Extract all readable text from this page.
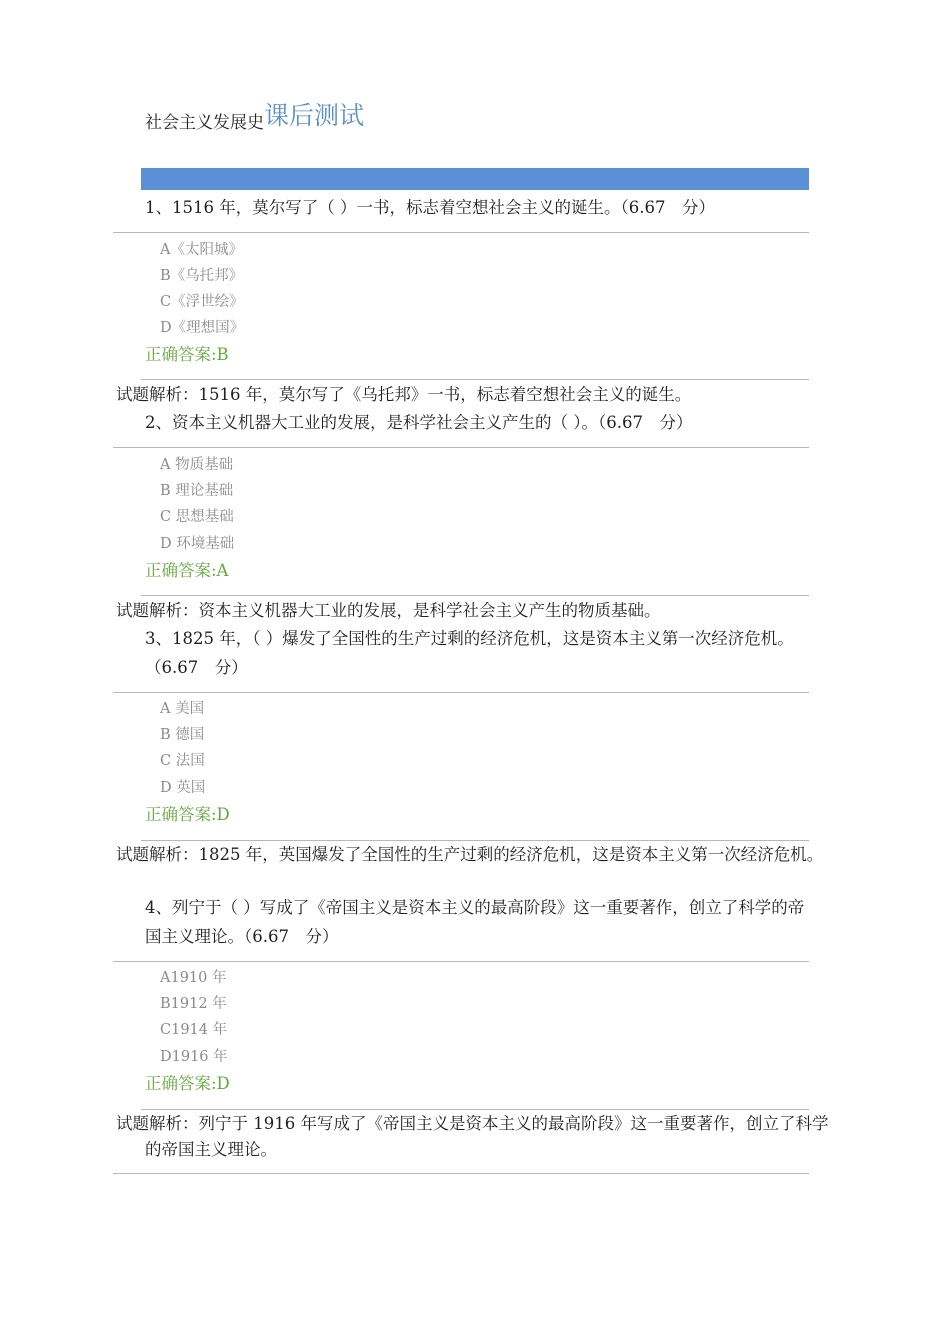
社会主义发展史课后测试
1、1516 年，莫尔写了（ ）一书，标志着空想社会主义的诞生。（6.67　分）
A《太阳城》
B《乌托邦》
C《浮世绘》
D《理想国》
正确答案:B
试题解析：1516 年，莫尔写了《乌托邦》一书，标志着空想社会主义的诞生。
2、资本主义机器大工业的发展，是科学社会主义产生的（ ）。（6.67　分）
A 物质基础
B 理论基础
C 思想基础
D 环境基础
正确答案:A
试题解析：资本主义机器大工业的发展，是科学社会主义产生的物质基础。
3、1825 年，（ ）爆发了全国性的生产过剩的经济危机，这是资本主义第一次经济危机。（6.67　分）
A 美国
B 德国
C 法国
D 英国
正确答案:D
试题解析：1825 年，英国爆发了全国性的生产过剩的经济危机，这是资本主义第一次经济危机。
4、列宁于（ ）写成了《帝国主义是资本主义的最高阶段》这一重要著作，创立了科学的帝国主义理论。（6.67　分）
A1910 年
B1912 年
C1914 年
D1916 年
正确答案:D
试题解析：列宁于 1916 年写成了《帝国主义是资本主义的最高阶段》这一重要著作，创立了科学的帝国主义理论。
